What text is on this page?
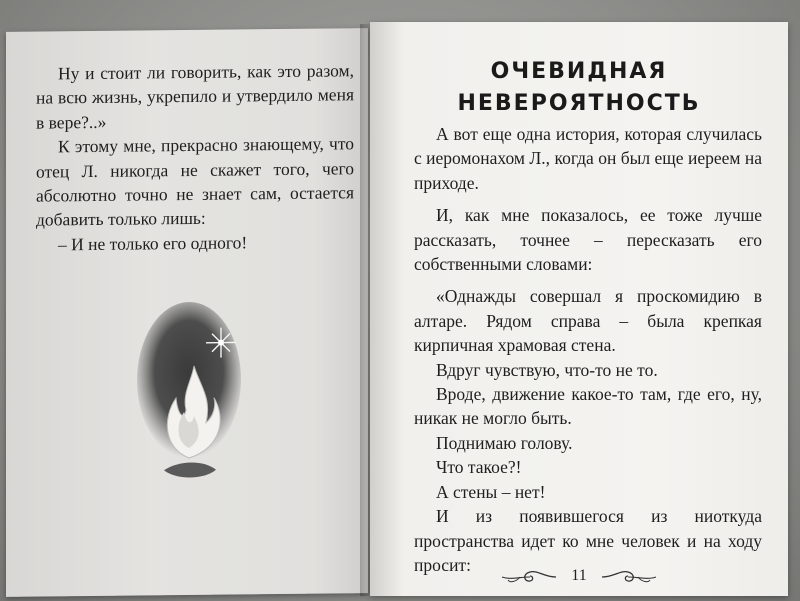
Ну и стоит ли говорить, как это разом, на всю жизнь, укрепило и утвердило меня в вере?..»

К этому мне, прекрасно знающему, что отец Л. никогда не скажет того, чего абсолютно точно не знает сам, остается добавить только лишь:

– И не только его одного!

ОЧЕВИДНАЯ
НЕВЕРОЯТНОСТЬ

А вот еще одна история, которая случилась с иеромонахом Л., когда он был еще иереем на приходе.

И, как мне показалось, ее тоже лучше рассказать, точнее – пересказать его собственными словами:

«Однажды совершал я проскомидию в алтаре. Рядом справа – была крепкая кирпичная храмовая стена.

Вдруг чувствую, что-то не то.

Вроде, движение какое-то там, где его, ну, никак не могло быть.

Поднимаю голову.

Что такое?!

А стены – нет!

И из появившегося из ниоткуда пространства идет ко мне человек и на ходу просит:

11
